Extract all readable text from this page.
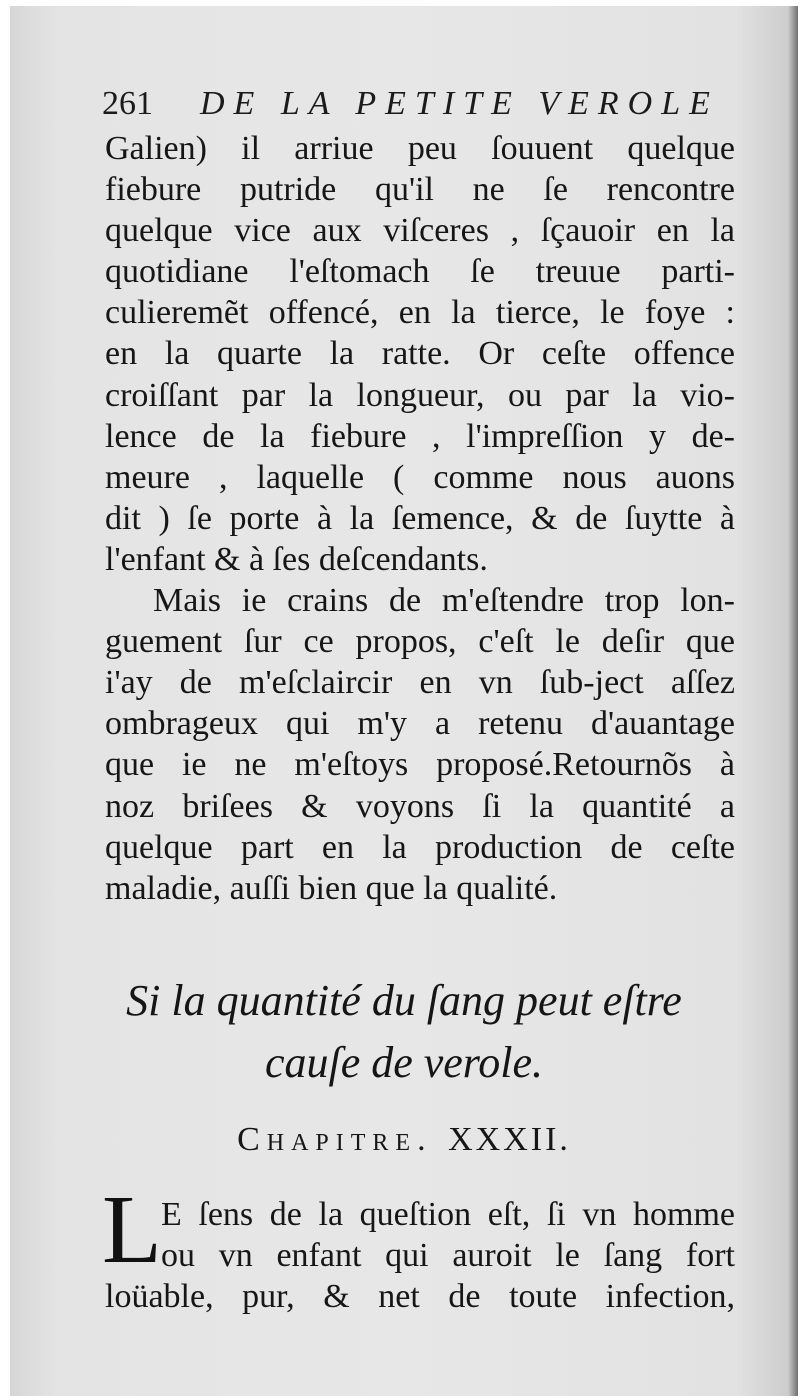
261 DE LA PETITE VEROLE
Galien) il arriue peu ſouuent quelque
fiebure putride qu'il ne ſe rencontre
quelque vice aux viſceres , ſçauoir en la
quotidiane l'eſtomach ſe treuue parti-
culieremẽt offencé, en la tierce, le foye :
en la quarte la ratte. Or ceſte offence
croiſſant par la longueur, ou par la vio-
lence de la fiebure , l'impreſſion y de-
meure , laquelle ( comme nous auons
dit ) ſe porte à la ſemence, & de ſuytte à
l'enfant & à ſes deſcendants.
Mais ie crains de m'eſtendre trop lon-
guement ſur ce propos, c'eſt le deſir que
i'ay de m'eſclaircir en vn ſub-ject aſſez
ombrageux qui m'y a retenu d'auantage
que ie ne m'eſtoys proposé.Retournõs à
noz briſees & voyons ſi la quantité a
quelque part en la production de ceſte
maladie, auſſi bien que la qualité.
Si la quantité du ſang peut eſtre
cauſe de verole.
Chapitre. XXXII.
L E ſens de la queſtion eſt, ſi vn homme
ou vn enfant qui auroit le ſang fort
loüable, pur, & net de toute infection,
